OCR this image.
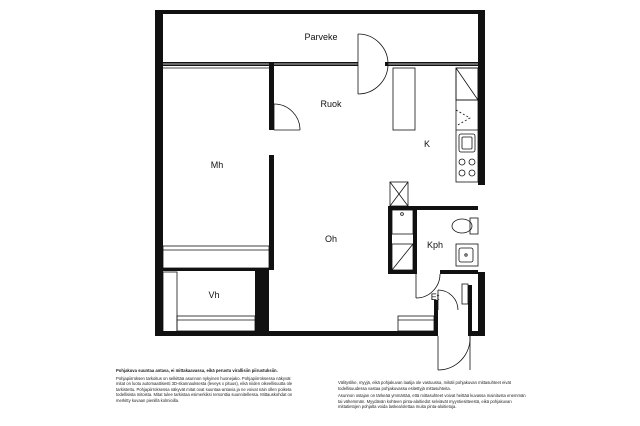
Parveke
Ruok
K
Mh
Oh
Kph
Vh	Et

Pohjakuva suuntaa antava, ei mittakaavassa, eikä perustu virallisiin piirustuksiin.

Pohjapiirroksen tarkoitus on selkittää asunnon nykyinen huonejako. Pohjapiirroksessa näkyvät mitat on luotu automaattisesti 3D-skannauksesta (leveys x pituus), eikä niiden oikeellisuutta ole tarkistettu. Pohjapiirroksessa näkyvät mitat ovat suuntaa-antavia ja ne voivat näin ollen poiketa todellisista mitoista. Mitat tulee tarkistaa esimerkiksi remonttia suunnitellessa. Mittauskohdat on merkitty kuvaan pienillä kolmioilla.

Välityslike, myyjä, eikä pohjakuvan laatija ole vastuussa, mikäli pohjakuvan mittasuhteet eivät todellisuudessa vastaa pohjakuvassa esitettyjä mittasuhteita.

Asunnon ostajan on tärkeää ymmärtää, että mittasuhteet voivat heittää kuvassa mainitusta enemmän tai vähemmän. Myydävän kohteen pinta-ala/tiedot selviävät myyntiesitteestä, eikä pohjakuvan mittatietojen pohjalta voida laskea/olettaa muita pinta-aloitietoja.
